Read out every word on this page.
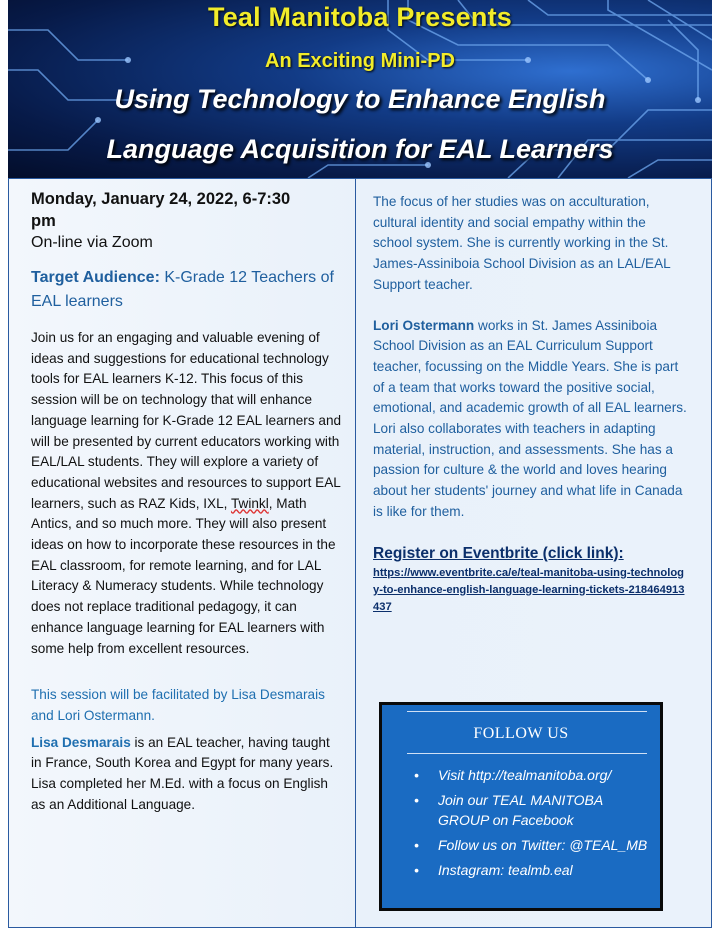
Teal Manitoba Presents
An Exciting Mini-PD
Using Technology to Enhance English
Language Acquisition for EAL Learners

Monday, January 24, 2022, 6-7:30
pm

On-line via Zoom

Target Audience: K-Grade 12 Teachers of EAL learners

Join us for an engaging and valuable evening of ideas and suggestions for educational technology tools for EAL learners K-12. This focus of this session will be on technology that will enhance language learning for K-Grade 12 EAL learners and will be presented by current educators working with EAL/LAL students. They will explore a variety of educational websites and resources to support EAL learners, such as RAZ Kids, IXL, Twinkl, Math Antics, and so much more. They will also present ideas on how to incorporate these resources in the EAL classroom, for remote learning, and for LAL Literacy & Numeracy students. While technology does not replace traditional pedagogy, it can enhance language learning for EAL learners with some help from excellent resources.

This session will be facilitated by Lisa Desmarais and Lori Ostermann.

Lisa Desmarais is an EAL teacher, having taught in France, South Korea and Egypt for many years. Lisa completed her M.Ed. with a focus on English as an Additional Language.

The focus of her studies was on acculturation, cultural identity and social empathy within the school system. She is currently working in the St. James-Assiniboia School Division as an LAL/EAL Support teacher.

Lori Ostermann works in St. James Assiniboia School Division as an EAL Curriculum Support teacher, focussing on the Middle Years. She is part of a team that works toward the positive social, emotional, and academic growth of all EAL learners. Lori also collaborates with teachers in adapting material, instruction, and assessments. She has a passion for culture & the world and loves hearing about her students' journey and what life in Canada is like for them.

Register on Eventbrite (click link):

https://www.eventbrite.ca/e/teal-manitoba-using-technology-to-enhance-english-language-learning-tickets-218464913437

FOLLOW US
• Visit http://tealmanitoba.org/
• Join our TEAL MANITOBA GROUP on Facebook
• Follow us on Twitter: @TEAL_MB
• Instagram: tealmb.eal
